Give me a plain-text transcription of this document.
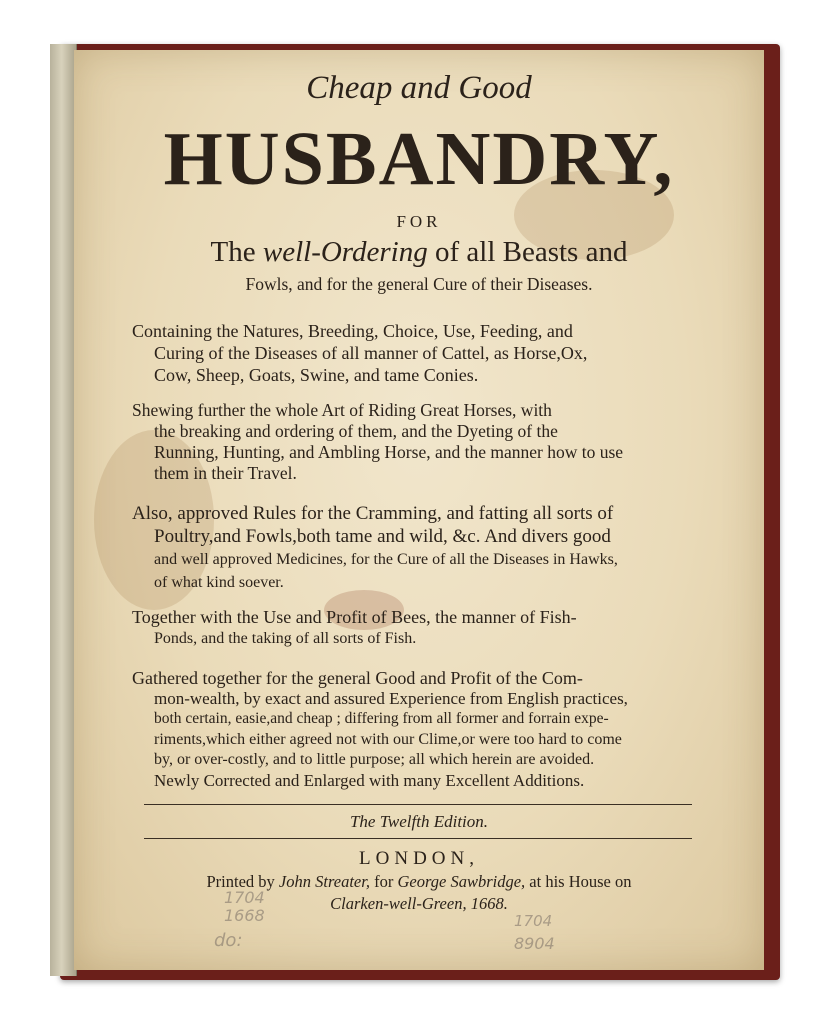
Cheap and Good
HUSBANDRY,
FOR
The well-Ordering of all Beasts and
Fowls, and for the general Cure of their Diseases.
Containing the Natures, Breeding, Choice, Use, Feeding, and
Curing of the Diseases of all manner of Cattel, as Horse,Ox,
Cow, Sheep, Goats, Swine, and tame Conies.
Shewing further the whole Art of Riding Great Horses, with
the breaking and ordering of them, and the Dyeting of the
Running, Hunting, and Ambling Horse, and the manner how to use
them in their Travel.
Also, approved Rules for the Cramming, and fatting all sorts of
Poultry,and Fowls,both tame and wild, &c. And divers good
and well approved Medicines, for the Cure of all the Diseases in Hawks,
of what kind soever.
Together with the Use and Profit of Bees, the manner of Fish-
Ponds, and the taking of all sorts of Fish.
Gathered together for the general Good and Profit of the Com-
mon-wealth, by exact and assured Experience from English practices,
both certain, easie,and cheap ; differing from all former and forrain expe-
riments,which either agreed not with our Clime,or were too hard to come
by, or over-costly, and to little purpose; all which herein are avoided.
Newly Corrected and Enlarged with many Excellent Additions.
The Twelfth Edition.
LONDON,
Printed by John Streater, for George Sawbridge, at his House on
Clarken-well-Green, 1668.
1704
1668	1704
8904
do:
